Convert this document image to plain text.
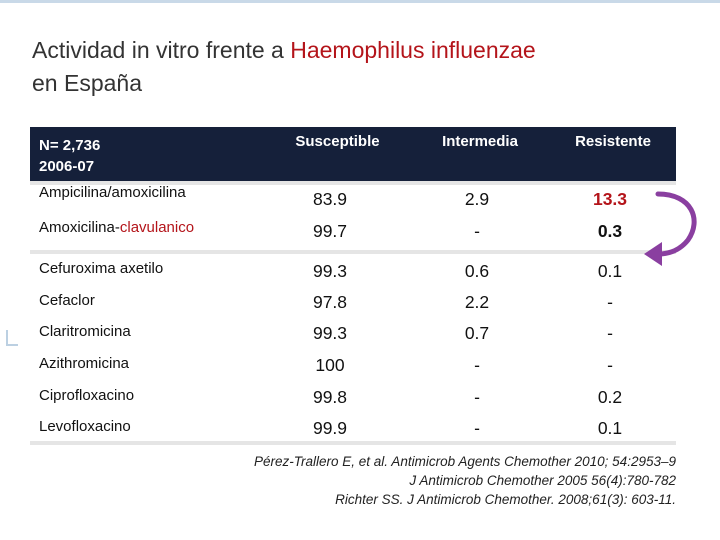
Actividad in vitro frente a Haemophilus influenzae
en España
N= 2,736
2006-07
Susceptible	Intermedia	Resistente
Ampicilina/amoxicilina	83.9	2.9	13.3
Amoxicilina-clavulanico	99.7	-	0.3
Cefuroxima axetilo	99.3	0.6	0.1
Cefaclor	97.8	2.2	-
Claritromicina	99.3	0.7	-
Azithromicina	100	-	-
Ciprofloxacino	99.8	-	0.2
Levofloxacino	99.9	-	0.1
Pérez-Trallero E, et al. Antimicrob Agents Chemother 2010; 54:2953–9
J Antimicrob Chemother 2005 56(4):780-782
Richter SS. J Antimicrob Chemother. 2008;61(3): 603-11.
